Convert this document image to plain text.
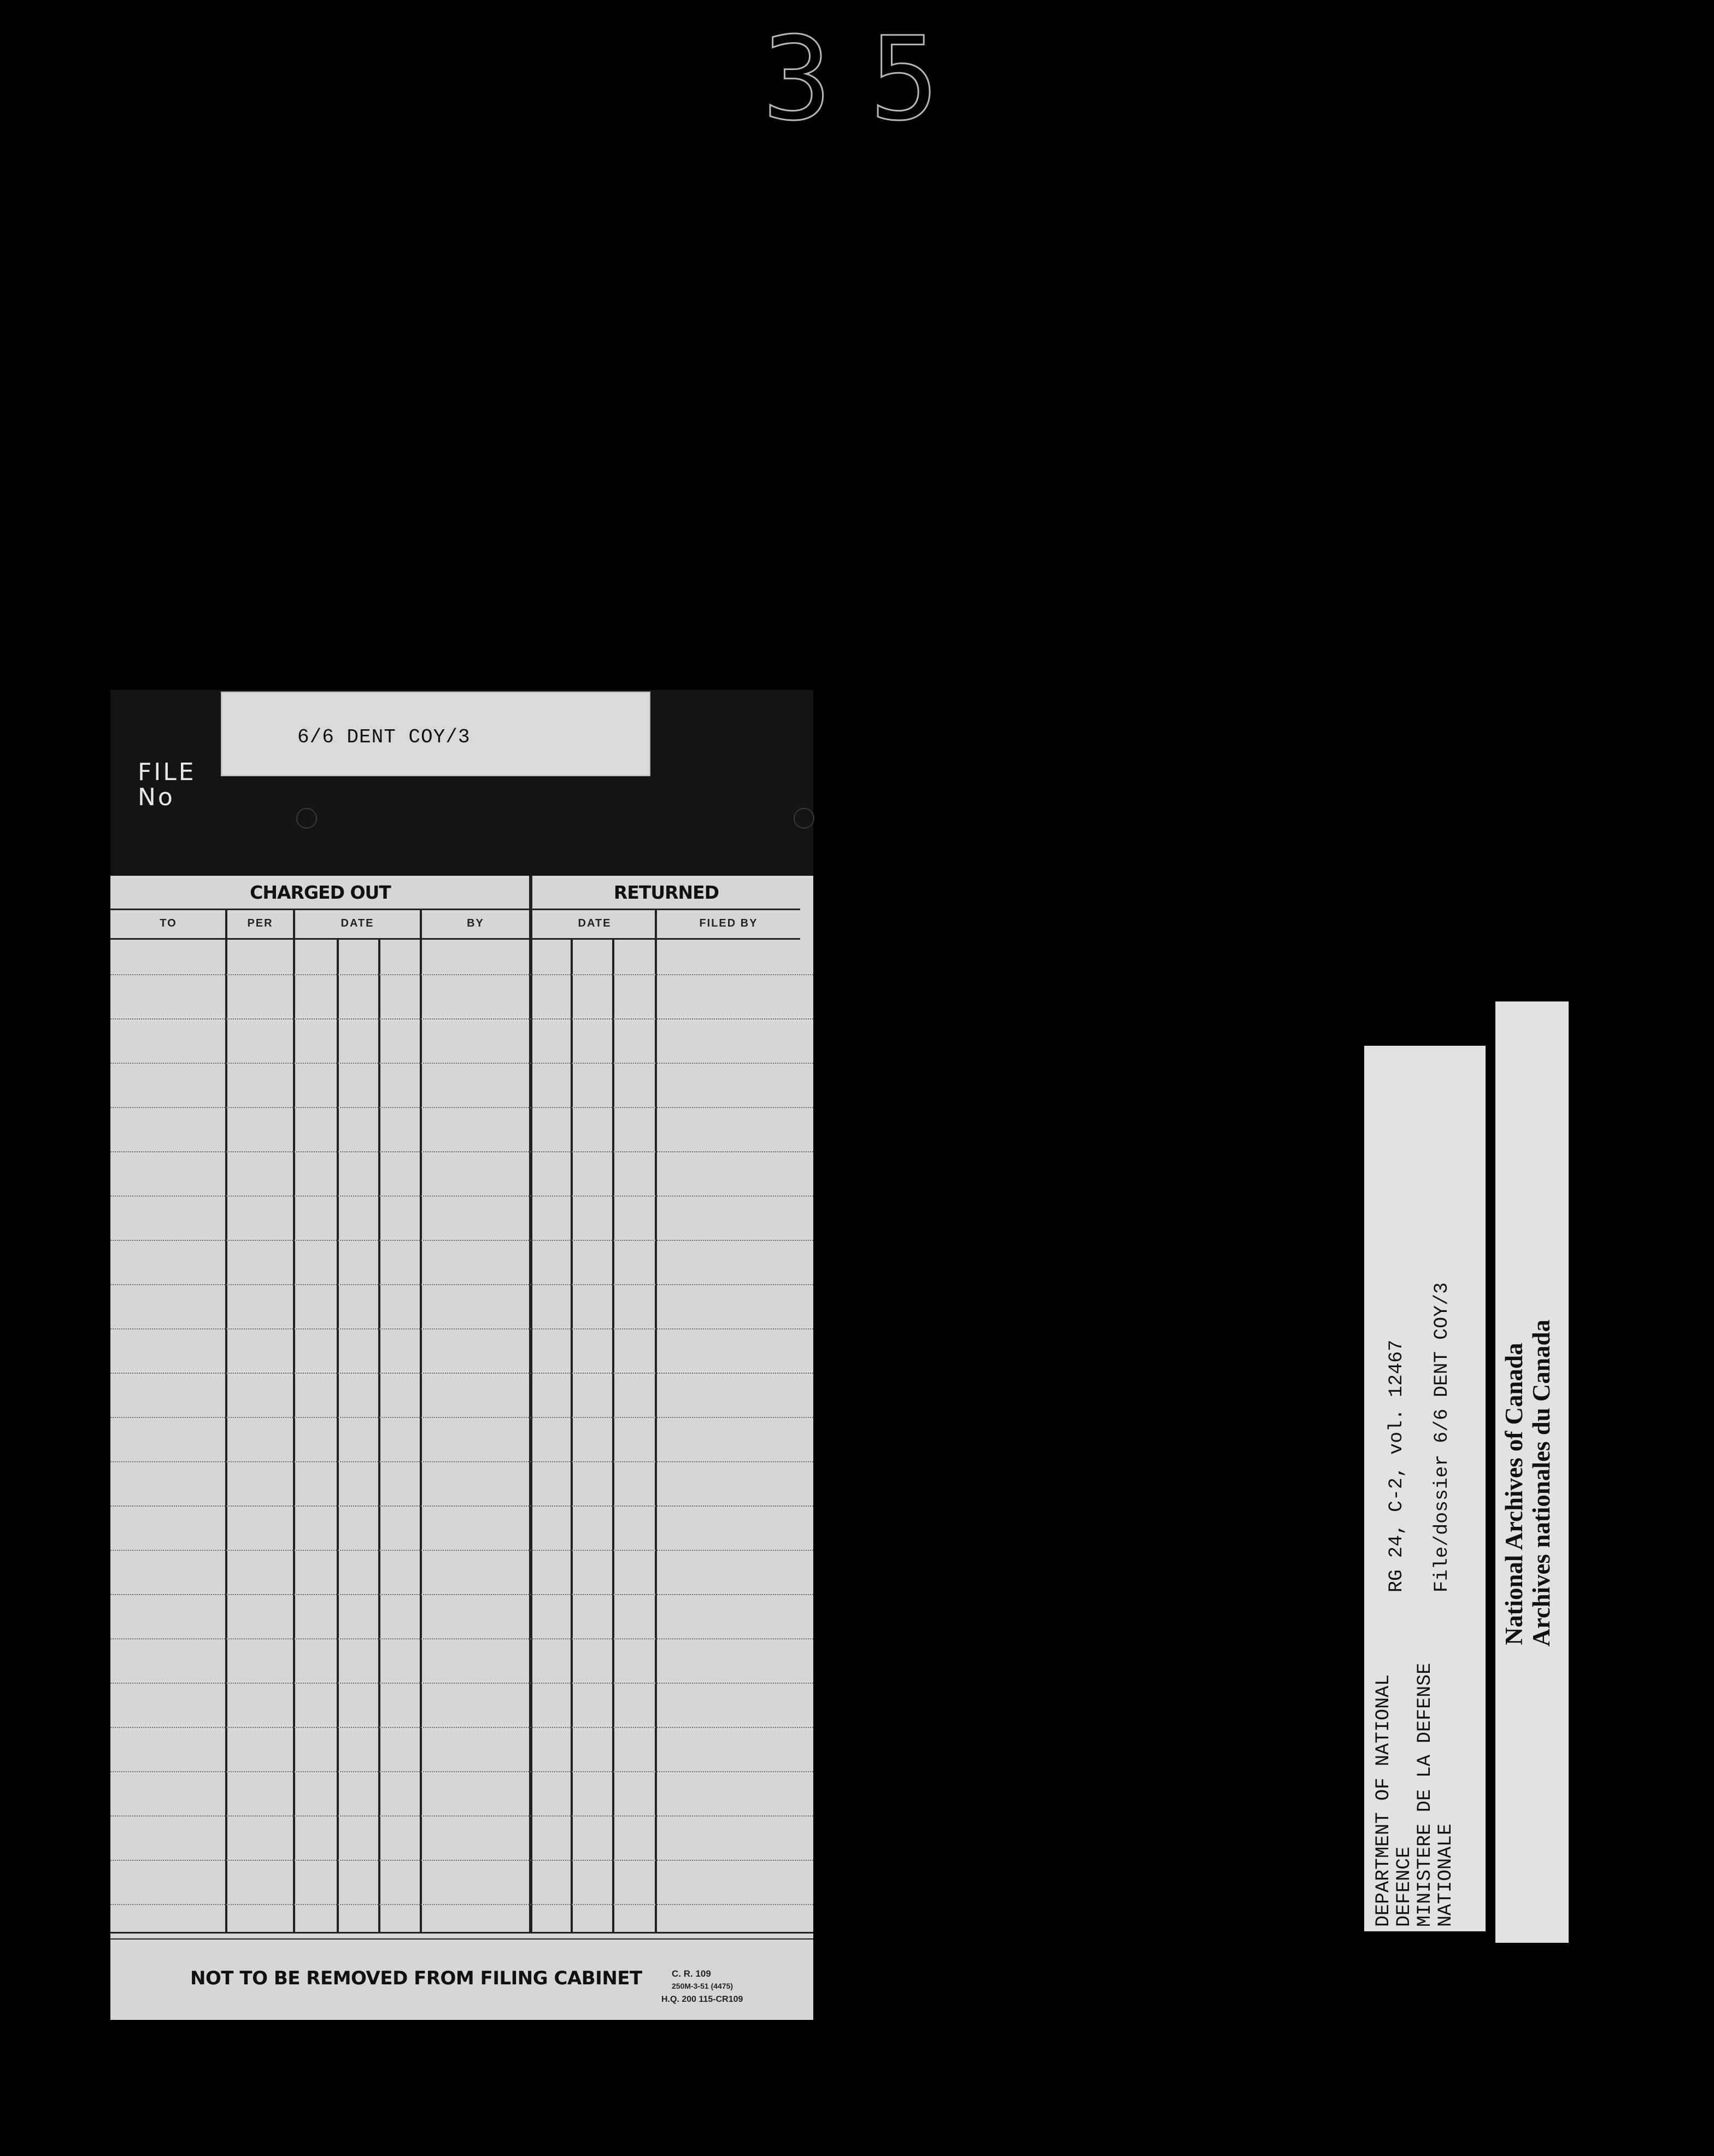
35
6/6 DENT COY/3
FILE
No
CHARGED OUT	RETURNED
TO	PER	DATE	BY	DATE	FILED BY
NOT TO BE REMOVED FROM FILING CABINET	C. R. 109
250M-3-51 (4475)
H.Q. 200 115-CR109
DEPARTMENT OF NATIONAL
DEFENCE
MINISTERE DE LA DEFENSE
NATIONALE
RG 24, C-2, vol. 12467 File/dossier 6/6 DENT COY/3 National Archives of Canada Archives nationales du Canada
